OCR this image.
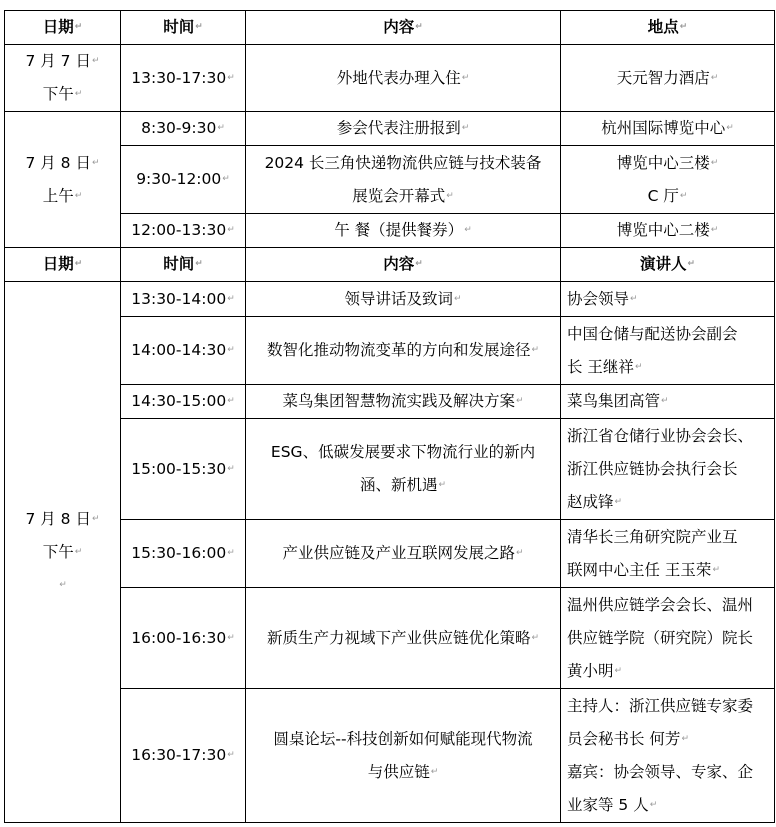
日期↵	时间↵	内容↵	地点↵

7 月 7 日↵
下午↵	13:30-17:30↵	外地代表办理入住↵	天元智力酒店↵

7 月 8 日↵
上午↵	8:30-9:30↵	参会代表注册报到↵	杭州国际博览中心↵
	9:30-12:00↵	2024 长三角快递物流供应链与技术装备
展览会开幕式↵	博览中心三楼↵
C 厅↵

	12:00-13:30↵	午 餐（提供餐券）↵	博览中心二楼↵
日期↵	时间↵	内容↵	演讲人↵

7 月 8 日↵
下午↵
↵	13:30-14:00↵	领导讲话及致词↵	协会领导↵
	14:00-14:30↵	数智化推动物流变革的方向和发展途径↵	中国仓储与配送协会副会
长 王继祥↵

	14:30-15:00↵	菜鸟集团智慧物流实践及解决方案↵	菜鸟集团高管↵
	15:00-15:30↵	ESG、低碳发展要求下物流行业的新内
涵、新机遇↵	浙江省仓储行业协会会长、
浙江供应链协会执行会长
赵成锋↵

	15:30-16:00↵	产业供应链及产业互联网发展之路↵	清华长三角研究院产业互
联网中心主任 王玉荣↵

	16:00-16:30↵	新质生产力视域下产业供应链优化策略↵	温州供应链学会会长、温州
供应链学院（研究院）院长
黄小明↵

	16:30-17:30↵	圆桌论坛--科技创新如何赋能现代物流
与供应链↵	主持人：浙江供应链专家委
员会秘书长 何芳↵
嘉宾：协会领导、专家、企
业家等 5 人↵
